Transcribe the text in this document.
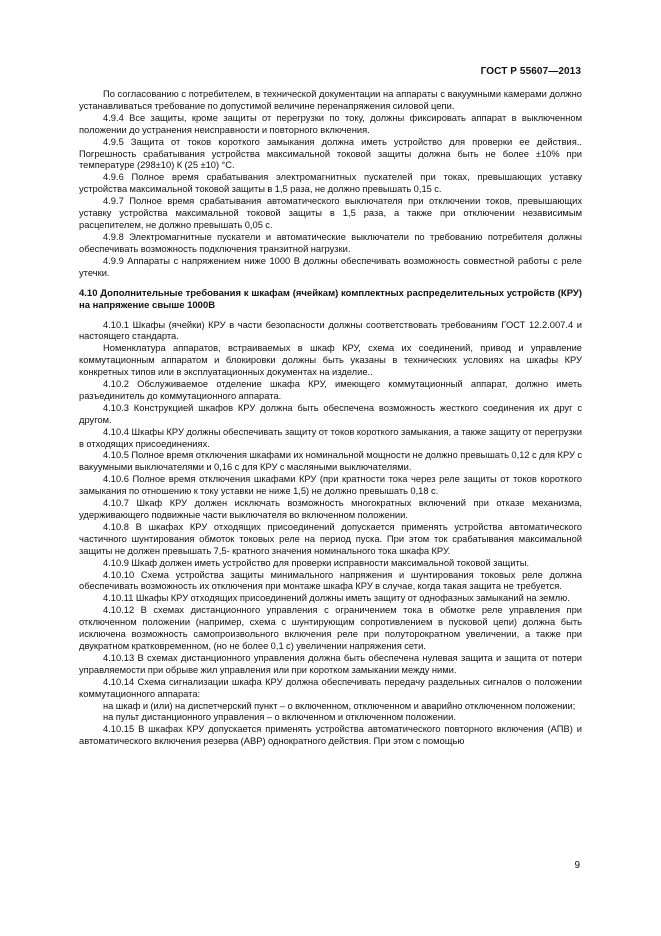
ГОСТ Р 55607—2013

По согласованию с потребителем, в технической документации на аппараты с вакуумными камерами должно устанавливаться требование по допустимой величине перенапряжения силовой цепи.

4.9.4 Все защиты, кроме защиты от перегрузки по току, должны фиксировать аппарат в выключенном положении до устранения неисправности и повторного включения.

4.9.5 Защита от токов короткого замыкания должна иметь устройство для проверки ее действия.. Погрешность срабатывания устройства максимальной токовой защиты должна быть не более ±10% при температуре (298±10) К (25 ±10) °С.

4.9.6 Полное время срабатывания электромагнитных пускателей при токах, превышающих уставку устройства максимальной токовой защиты в 1,5 раза, не должно превышать 0,15 с.

4.9.7 Полное время срабатывания автоматического выключателя при отключении токов, превышающих уставку устройства максимальной токовой защиты в 1,5 раза, а также при отключении независимым расцепителем, не должно превышать 0,05 с.

4.9.8 Электромагнитные пускатели и автоматические выключатели по требованию потребителя должны обеспечивать возможность подключения транзитной нагрузки.

4.9.9 Аппараты с напряжением ниже 1000 В должны обеспечивать возможность совместной работы с реле утечки.

4.10 Дополнительные требования к шкафам (ячейкам) комплектных распределительных устройств (КРУ) на напряжение свыше 1000В

4.10.1 Шкафы (ячейки) КРУ в части безопасности должны соответствовать требованиям ГОСТ 12.2.007.4 и настоящего стандарта.

Номенклатура аппаратов, встраиваемых в шкаф КРУ, схема их соединений, привод и управление коммутационным аппаратом и блокировки должны быть указаны в технических условиях на шкафы КРУ конкретных типов или в эксплуатационных документах на изделие..

4.10.2 Обслуживаемое отделение шкафа КРУ, имеющего коммутационный аппарат, должно иметь разъединитель до коммутационного аппарата.

4.10.3 Конструкцией шкафов КРУ должна быть обеспечена возможность жесткого соединения их друг с другом.

4.10.4 Шкафы КРУ должны обеспечивать защиту от токов короткого замыкания, а также защиту от перегрузки в отходящих присоединениях.

4.10.5 Полное время отключения шкафами их номинальной мощности не должно превышать 0,12 с для КРУ с вакуумными выключателями и 0,16 с для КРУ с масляными выключателями.

4.10.6 Полное время отключения шкафами КРУ (при кратности тока через реле защиты от токов короткого замыкания по отношению к току уставки не ниже 1,5) не должно превышать 0,18 с.

4.10.7 Шкаф КРУ должен исключать возможность многократных включений при отказе механизма, удерживающего подвижные части выключателя во включенном положении.

4.10.8 В шкафах КРУ отходящих присоединений допускается применять устройства автоматического частичного шунтирования обмоток токовых реле на период пуска. При этом ток срабатывания максимальной защиты не должен превышать 7,5- кратного значения номинального тока шкафа КРУ.

4.10.9 Шкаф должен иметь устройство для проверки исправности максимальной токовой защиты.

4.10.10 Схема устройства защиты минимального напряжения и шунтирования токовых реле должна обеспечивать возможность их отключения при монтаже шкафа КРУ в случае, когда такая защита не требуется.

4.10.11 Шкафы КРУ отходящих присоединений должны иметь защиту от однофазных замыканий на землю.

4.10.12 В схемах дистанционного управления с ограничением тока в обмотке реле управления при отключенном положении (например, схема с шунтирующим сопротивлением в пусковой цепи) должна быть исключена возможность самопроизвольного включения реле при полуторократном увеличении, а также при двукратном кратковременном, (но не более 0,1 с) увеличении напряжения сети.

4.10.13 В схемах дистанционного управления должна быть обеспечена нулевая защита и защита от потери управляемости при обрыве жил управления или при коротком замыкании между ними.

4.10.14 Схема сигнализации шкафа КРУ должна обеспечивать передачу раздельных сигналов о положении коммутационного аппарата:

на шкаф и (или) на диспетчерский пункт – о включенном, отключенном и аварийно отключенном положении;

на пульт дистанционного управления – о включенном и отключенном положении.

4.10.15 В шкафах КРУ допускается применять устройства автоматического повторного включения (АПВ) и автоматического включения резерва (АВР) однократного действия. При этом с помощью

9
